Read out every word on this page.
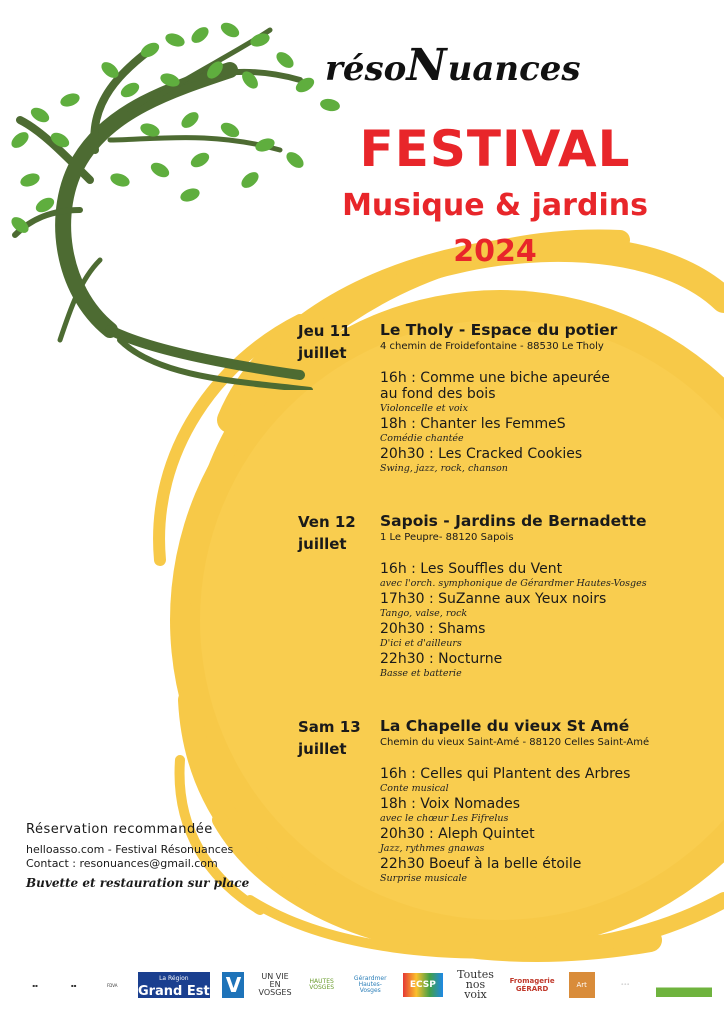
résoNuances
FESTIVAL
Musique & jardins
2024
Jeu 11
juillet
Le Tholy - Espace du potier
4 chemin de Froidefontaine - 88530 Le Tholy
16h : Comme une biche apeurée
au fond des bois
Violoncelle et voix
18h : Chanter les FemmeS
Comédie chantée
20h30 : Les Cracked Cookies
Swing, jazz, rock, chanson
Ven 12
juillet
Sapois - Jardins de Bernadette
1 Le Peupre- 88120 Sapois
16h : Les Souffles du Vent
avec l'orch. symphonique de Gérardmer Hautes-Vosges
17h30 : SuZanne aux Yeux noirs
Tango, valse, rock
20h30 : Shams
D'ici et d'ailleurs
22h30 : Nocturne
Basse et batterie
Sam 13
juillet
La Chapelle du vieux St Amé
Chemin du vieux Saint-Amé - 88120 Celles Saint-Amé
16h : Celles qui Plantent des Arbres
Conte musical
18h : Voix Nomades
avec le chœur Les Fifrelus
20h30 : Aleph Quintet
Jazz, rythmes gnawas
22h30 Boeuf à la belle étoile
Surprise musicale
Réservation recommandée
helloasso.com - Festival Résonuances
Contact : resonuances@gmail.com
Buvette et restauration sur place
▪▪	▪▪	FDVA
La Région
Grand Est V	UN VIE
EN VOSGES
HAUTES
VOSGES
Gérardmer
Hautes-Vosges
ECSP
Toutes
nos voix
Fromagerie
GÉRARD	Art	◦◦◦
